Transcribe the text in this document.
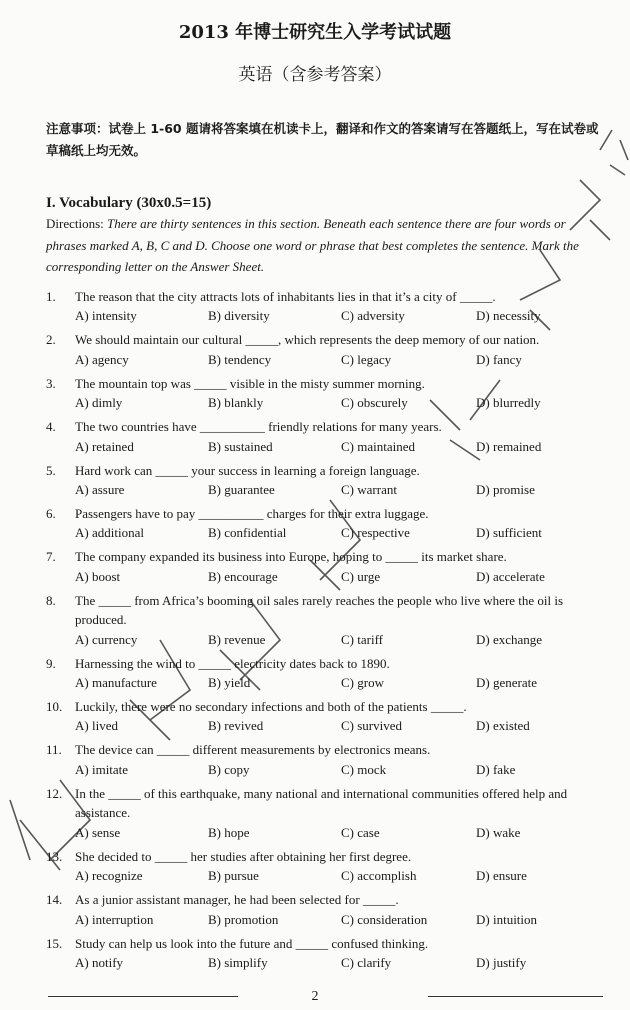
2013 年博士研究生入学考试试题
英语（含参考答案）
注意事项：试卷上 1-60 题请将答案填在机读卡上，翻译和作文的答案请写在答题纸上，写在试卷或草稿纸上均无效。
I. Vocabulary (30x0.5=15)
Directions: There are thirty sentences in this section. Beneath each sentence there are four words or phrases marked A, B, C and D. Choose one word or phrase that best completes the sentence. Mark the corresponding letter on the Answer Sheet.
1.	The reason that the city attracts lots of inhabitants lies in that it’s a city of _____.
A) intensity	B) diversity	C) adversity	D) necessity
2.	We should maintain our cultural _____, which represents the deep memory of our nation.
A) agency	B) tendency	C) legacy	D) fancy
3.	The mountain top was _____ visible in the misty summer morning.
A) dimly	B) blankly	C) obscurely	D) blurredly
4.	The two countries have __________ friendly relations for many years.
A) retained	B) sustained	C) maintained	D) remained
5.	Hard work can _____ your success in learning a foreign language.
A) assure	B) guarantee	C) warrant	D) promise
6.	Passengers have to pay __________ charges for their extra luggage.
A) additional	B) confidential	C) respective	D) sufficient
7.	The company expanded its business into Europe, hoping to _____ its market share.
A) boost	B) encourage	C) urge	D) accelerate
8.	The _____ from Africa’s booming oil sales rarely reaches the people who live where the oil is produced.
A) currency	B) revenue	C) tariff	D) exchange
9.	Harnessing the wind to _____ electricity dates back to 1890.
A) manufacture	B) yield	C) grow	D) generate
10. Luckily, there were no secondary infections and both of the patients _____.
A) lived	B) revived	C) survived	D) existed
11.	The device can _____ different measurements by electronics means.
A) imitate	B) copy	C) mock	D) fake
12. In the _____ of this earthquake, many national and international communities offered help and assistance.
A) sense	B) hope	C) case	D) wake
13. She decided to _____ her studies after obtaining her first degree.
A) recognize	B) pursue	C) accomplish	D) ensure
14. As a junior assistant manager, he had been selected for _____.
A) interruption	B) promotion	C) consideration	D) intuition
15. Study can help us look into the future and _____ confused thinking.
A) notify	B) simplify	C) clarify	D) justify
2
